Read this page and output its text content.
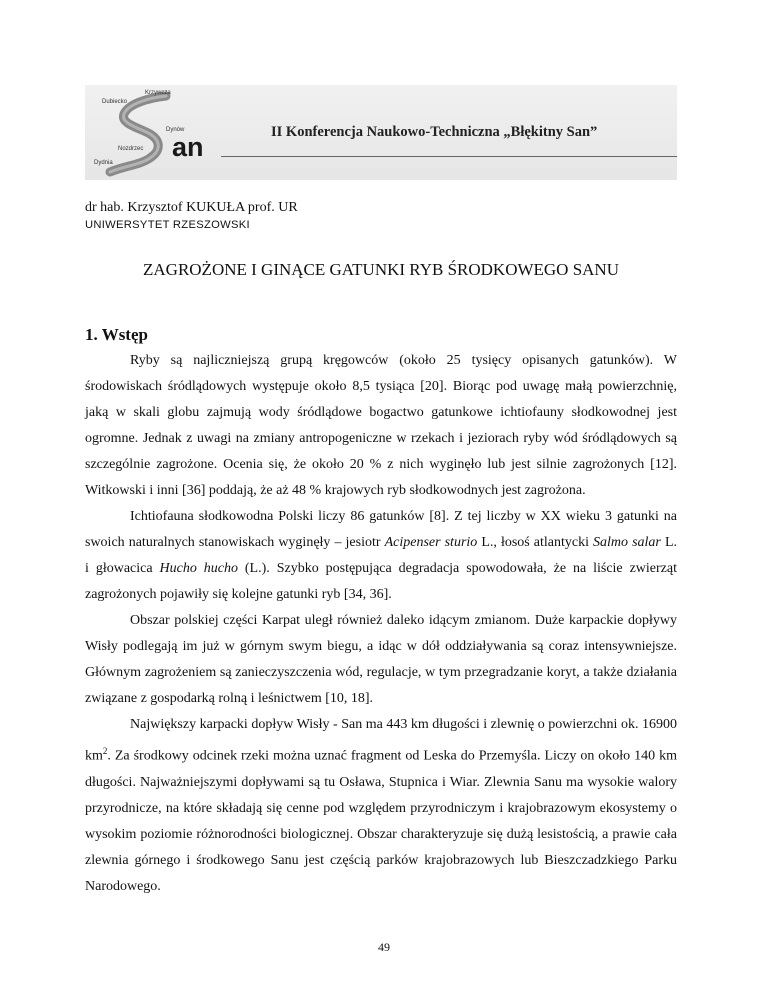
Krzywcza
Dubiecko
Dynów
Nozdrzec
Dydnia
an	II Konferencja Naukowo-Techniczna „Błękitny San”
dr hab. Krzysztof KUKUŁA prof. UR
UNIWERSYTET RZESZOWSKI
ZAGROŻONE I GINĄCE GATUNKI RYB ŚRODKOWEGO SANU
1. Wstęp

Ryby są najliczniejszą grupą kręgowców (około 25 tysięcy opisanych gatunków). W środowiskach śródlądowych występuje około 8,5 tysiąca [20]. Biorąc pod uwagę małą powierzchnię, jaką w skali globu zajmują wody śródlądowe bogactwo gatunkowe ichtiofauny słodkowodnej jest ogromne. Jednak z uwagi na zmiany antropogeniczne w rzekach i jeziorach ryby wód śródlądowych są szczególnie zagrożone. Ocenia się, że około 20 % z nich wyginęło lub jest silnie zagrożonych [12]. Witkowski i inni [36] poddają, że aż 48 % krajowych ryb słodkowodnych jest zagrożona.

Ichtiofauna słodkowodna Polski liczy 86 gatunków [8]. Z tej liczby w XX wieku 3 gatunki na swoich naturalnych stanowiskach wyginęły – jesiotr Acipenser sturio L., łosoś atlantycki Salmo salar L. i głowacica Hucho hucho (L.). Szybko postępująca degradacja spowodowała, że na liście zwierząt zagrożonych pojawiły się kolejne gatunki ryb [34, 36].

Obszar polskiej części Karpat uległ również daleko idącym zmianom. Duże karpackie dopływy Wisły podlegają im już w górnym swym biegu, a idąc w dół oddziaływania są coraz intensywniejsze. Głównym zagrożeniem są zanieczyszczenia wód, regulacje, w tym przegradzanie koryt, a także działania związane z gospodarką rolną i leśnictwem [10, 18].

Największy karpacki dopływ Wisły - San ma 443 km długości i zlewnię o powierzchni ok. 16900 $km^2$. Za środkowy odcinek rzeki można uznać fragment od Leska do Przemyśla. Liczy on około 140 km długości. Najważniejszymi dopływami są tu Osława, Stupnica i Wiar. Zlewnia Sanu ma wysokie walory przyrodnicze, na które składają się cenne pod względem przyrodniczym i krajobrazowym ekosystemy o wysokim poziomie różnorodności biologicznej. Obszar charakteryzuje się dużą lesistością, a prawie cała zlewnia górnego i środkowego Sanu jest częścią parków krajobrazowych lub Bieszczadzkiego Parku Narodowego.

49
